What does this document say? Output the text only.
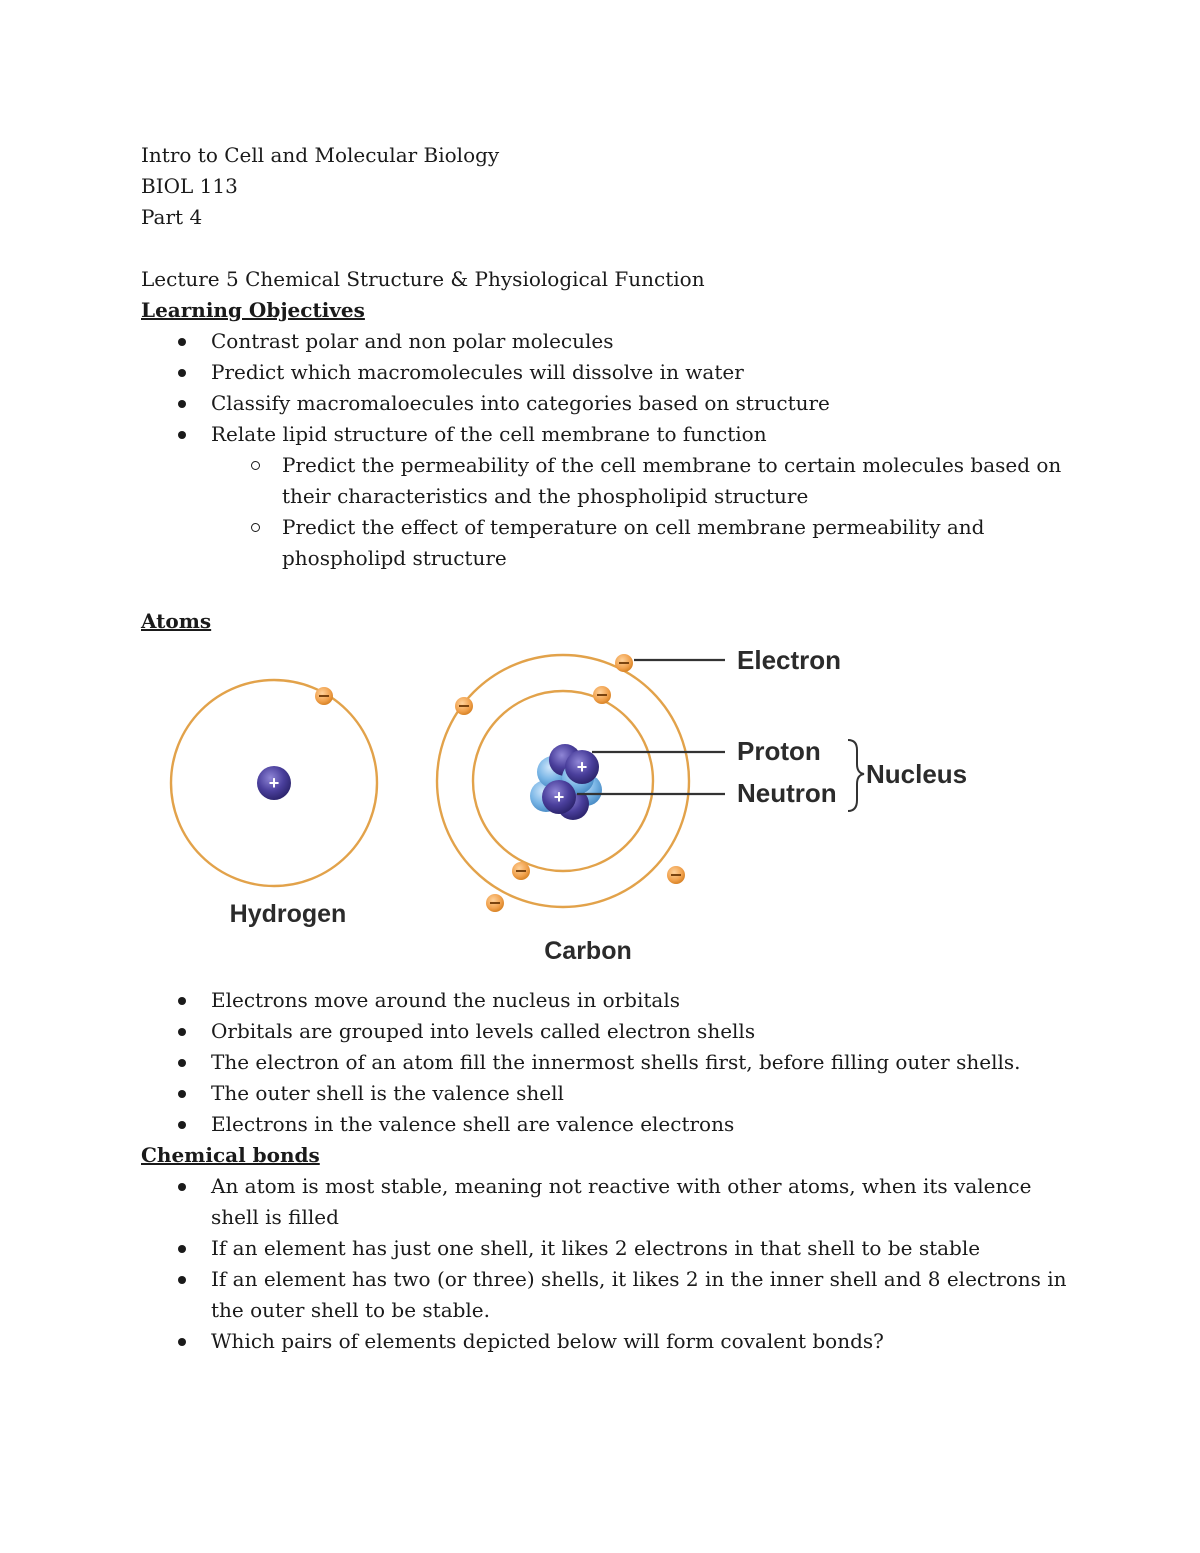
Intro to Cell and Molecular Biology
BIOL 113
Part 4
Lecture 5 Chemical Structure & Physiological Function
Learning Objectives
Contrast polar and non polar molecules
Predict which macromolecules will dissolve in water
Classify macromaloecules into categories based on structure
Relate lipid structure of the cell membrane to function
Predict the permeability of the cell membrane to certain molecules based on their characteristics and the phospholipid structure
Predict the effect of temperature on cell membrane permeability and phospholipd structure
Atoms
+
Hydrogen
+
+
Electron
Proton
Neutron
Nucleus
Carbon
Electrons move around the nucleus in orbitals
Orbitals are grouped into levels called electron shells
The electron of an atom fill the innermost shells first, before filling outer shells.
The outer shell is the valence shell
Electrons in the valence shell are valence electrons
Chemical bonds
An atom is most stable, meaning not reactive with other atoms, when its valence shell is filled
If an element has just one shell, it likes 2 electrons in that shell to be stable
If an element has two (or three) shells, it likes 2 in the inner shell and 8 electrons in the outer shell to be stable.
Which pairs of elements depicted below will form covalent bonds?
